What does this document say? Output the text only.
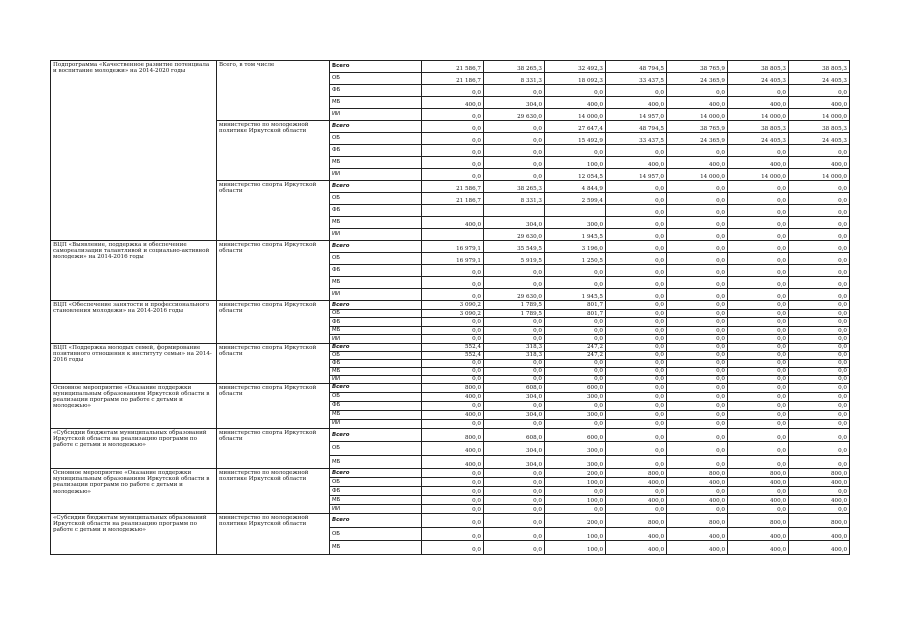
Подпрограмма «Качественное развитие потенциала и воспитание молодежи» на 2014-2020 годы	Всего, в том числе	Всего	21 586,7	38 265,3	32 492,3	48 794,5	38 765,9	38 805,3	38 805,3
		ОБ	21 186,7	8 331,3	18 092,3	33 437,5	24 365,9	24 405,3	24 405,3
		ФБ	0,0	0,0	0,0	0,0	0,0	0,0	0,0
		МБ	400,0	304,0	400,0	400,0	400,0	400,0	400,0
		ИИ	0,0	29 630,0	14 000,0	14 957,0	14 000,0	14 000,0	14 000,0
	министерство по молодежной политике Иркутской области	Всего	0,0	0,0	27 647,4	48 794,5	38 765,9	38 805,3	38 805,3
		ОБ	0,0	0,0	15 492,9	33 437,5	24 365,9	24 405,3	24 405,3
		ФБ	0,0	0,0	0,0	0,0	0,0	0,0	0,0
		МБ	0,0	0,0	100,0	400,0	400,0	400,0	400,0
		ИИ	0,0	0,0	12 054,5	14 957,0	14 000,0	14 000,0	14 000,0
	министерство спорта Иркутской области	Всего	21 586,7	38 265,3	4 844,9	0,0	0,0	0,0	0,0
		ОБ	21 186,7	8 331,3	2 599,4	0,0	0,0	0,0	0,0
		ФБ				0,0	0,0	0,0	0,0
		МБ	400,0	304,0	300,0	0,0	0,0	0,0	0,0
		ИИ		29 630,0	1 945,5	0,0	0,0	0,0	0,0
ВЦП «Выявление, поддержка и обеспечение самореализации талантливой и социально-активной молодежи» на 2014-2016 годы	министерство спорта Иркутской области	Всего	16 979,1	35 549,5	3 196,0	0,0	0,0	0,0	0,0
		ОБ	16 979,1	5 919,5	1 250,5	0,0	0,0	0,0	0,0
		ФБ	0,0	0,0	0,0	0,0	0,0	0,0	0,0
		МБ	0,0	0,0	0,0	0,0	0,0	0,0	0,0
		ИИ	0,0	29 630,0	1 945,5	0,0	0,0	0,0	0,0
ВЦП «Обеспечение занятости и профессионального становления молодежи» на 2014-2016 годы	министерство спорта Иркутской области	Всего	3 090,2	1 789,5	801,7	0,0	0,0	0,0	0,0
		ОБ	3 090,2	1 789,5	801,7	0,0	0,0	0,0	0,0
		ФБ	0,0	0,0	0,0	0,0	0,0	0,0	0,0
		МБ	0,0	0,0	0,0	0,0	0,0	0,0	0,0
		ИИ	0,0	0,0	0,0	0,0	0,0	0,0	0,0
ВЦП «Поддержка молодых семей, формирование позитивного отношения к институту семьи» на 2014-2016 годы	министерство спорта Иркутской области	Всего	552,4	318,3	247,2	0,0	0,0	0,0	0,0
		ОБ	552,4	318,3	247,2	0,0	0,0	0,0	0,0
		ФБ	0,0	0,0	0,0	0,0	0,0	0,0	0,0
		МБ	0,0	0,0	0,0	0,0	0,0	0,0	0,0
		ИИ	0,0	0,0	0,0	0,0	0,0	0,0	0,0
Основное мероприятие «Оказание поддержки муниципальным образованиям Иркутской области в реализации программ по работе с детьми и молодежью»	министерство спорта Иркутской области	Всего	800,0	608,0	600,0	0,0	0,0	0,0	0,0
		ОБ	400,0	304,0	300,0	0,0	0,0	0,0	0,0
		ФБ	0,0	0,0	0,0	0,0	0,0	0,0	0,0
		МБ	400,0	304,0	300,0	0,0	0,0	0,0	0,0
		ИИ	0,0	0,0	0,0	0,0	0,0	0,0	0,0
«Субсидии бюджетам муниципальных образований Иркутской области на реализацию программ по работе с детьми и молодежью»	министерство спорта Иркутской области	Всего	800,0	608,0	600,0	0,0	0,0	0,0	0,0
		ОБ	400,0	304,0	300,0	0,0	0,0	0,0	0,0
		МБ	400,0	304,0	300,0	0,0	0,0	0,0	0,0
Основное мероприятие «Оказание поддержки муниципальным образованиям Иркутской области в реализации программ по работе с детьми и молодежью»	министерство по молодежной политике Иркутской области	Всего	0,0	0,0	200,0	800,0	800,0	800,0	800,0
		ОБ	0,0	0,0	100,0	400,0	400,0	400,0	400,0
		ФБ	0,0	0,0	0,0	0,0	0,0	0,0	0,0
		МБ	0,0	0,0	100,0	400,0	400,0	400,0	400,0
		ИИ	0,0	0,0	0,0	0,0	0,0	0,0	0,0
«Субсидии бюджетам муниципальных образований Иркутской области на реализацию программ по работе с детьми и молодежью»	министерство по молодежной политике Иркутской области	Всего	0,0	0,0	200,0	800,0	800,0	800,0	800,0
		ОБ	0,0	0,0	100,0	400,0	400,0	400,0	400,0
		МБ	0,0	0,0	100,0	400,0	400,0	400,0	400,0
